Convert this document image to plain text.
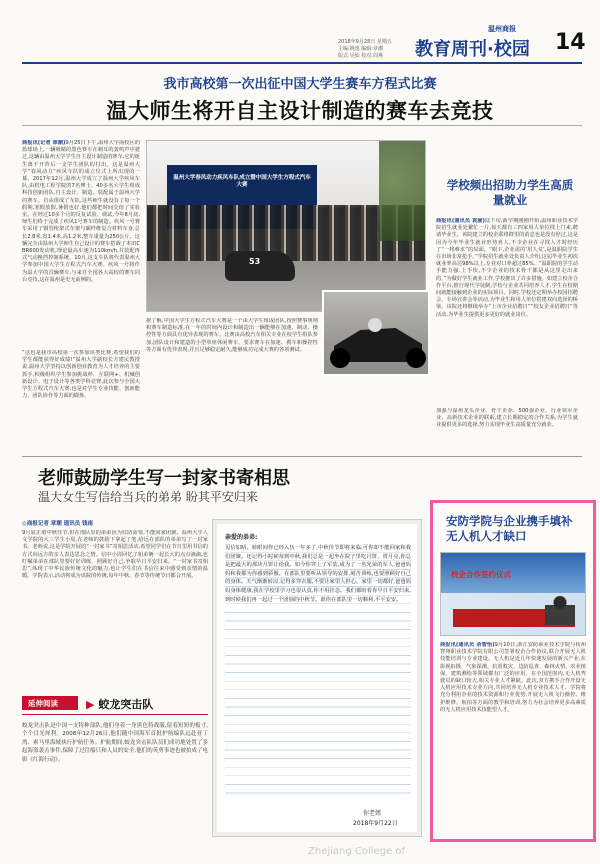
2018年9月28日 星期五
主编:姚逸 编辑:章潮
版式:吴仙 校对:周燕
温州商报
教育周刊·校园 14
我市高校第一次出征中国大学生赛车方程式比赛
温大师生将开自主设计制造的赛车去竞技
商报讯(记者 章潮)9月25日下午,温州大学南校区的篮球场上,一辆吸睛的黑色赛车在刺耳的轰鸣声中驶过,这辆由温州大学学生自主设计制造的赛车,它的诞生离不开背后一支学生团队的付出。这是温州大学“春风动力”疾风车队的成立仪式上所出现的一幕。2017年12月,温州大学成立了温州大学疾风车队,由机电工程学院的7名博士、40多名大学生组成科技创新团队,自主设计、制造、装配属于温州大学的赛车。自从组成了车队,这些师生就没有了每一个假期,寒假放假,暑假也好,他们都把时间交给了实验室。在经过10多个月的反复试验、调试,今年8月底,师生们终于完成了疾风1号赛车的制造。疾风一号赛车采用了钢管桁架式车架与碳纤维复合材料车身,总长2.8米,宽1.4米,高1.2米,整车重量为250公斤。这辆完全由温州大学师生自己设计的赛车搭载了本田CBR600发动机,理论最高车速为110km/h,并装配再式气动换挡控制系统。10月,这支车队将代表温州大学参加中国大学生方程式汽车大赛。疾风一号将作为温大学的首辆赛车,与来自全国各大高校的赛车同台竞技,这在温州是史无前例的。
“这也是我市高校第一次参加该类比赛,希望我们的学生都能获得好成绩!”温州大学副校长方建民教授说,温州大学坚持以创新创业教育为人才培养的主要抓手,积极组织学生参加挑战杯、互联网+、机械创新设计、电子设计等各类学科竞赛,此次参与全国大学生方程式汽车大赛,也是对学生专业技能、创新能力、团队协作等方面的锻炼。
温州大学春风动力疾风车队成立暨中国大学生方程式汽车大赛
53
据了解,中国大学生方程式汽车大赛是一个由大学生组成团队,按照赛事规则和赛车制造标准,在一年的时间内设计和制造出一辆能够在加速、制动、操控性等方面具有优异表现的赛车。比赛由高校汽车相关专业在校学生组队参加,团队设计和建造的小型单座休闲赛车。要求赛车在加速、刹车和操控性等方面有优异表现,并且足够稳定耐久,能够成功完成大赛的各项测试。
学校频出招助力学生高质量就业
商报讯(通讯员 袁渝)陆下旬,新学期刚刚开始,温州职业技术学院招生就业处繁忙一片,每天都有三四家用人单位找上门来,聘请毕业生。该院建立的校企联络群里的消息也是没有停过,这是因为今年毕业生就业形势喜人,不少企业在寻找人才时经历了“一将难求”的局面。“眼下,企业需的‘用人荒’,是温职院学生在市场非常抢手。”学院招生就业处负责人介绍,这届毕业生初次就业率高达98%以上,专业对口率超过85%。“温职院的学生动手能力强,上手快,不少企业的技术骨干都是从这里走出来的。”为做好学生就业工作,学校推出了许多措施。如建立校企合作平台,推行现代学徒制,学校与企业共同培养人才,学生在校期间就能接触到企业的实际项目。同时,学校还定期举办校园招聘会、专场宣讲会等活动,为毕业生和用人单位搭建双向选择的桥梁。该院还将继续举办“上市企业招聘日”“校友企业招聘日”等活动,为毕业生提供更多更好的就业岗位。
加强与温州龙头企业、骨干企业、500强企业、行业领军企业、高新技术企业的联系,建立长期稳定的合作关系,为学生就业提供更多的选择,努力实现毕业生高质量充分就业。
老师鼓励学生写一封家书寄相思
温大女生写信给当兵的弟弟 盼其平安归来
◎商报记者 章潮 通讯员 钱南
9月底正值中秋佳节,但在部队里的弟弟因为驻防需要,不能回家团聚。温州大学人文学院的大三学生小周,在老师的鼓励下拿起了笔,给远在部队的弟弟写了一封家书。老师说,这是学院开展的“一封家书”寄相思活动,希望同学们在节日里用书信的方式向远方的亲人表达思念之情。信中小周回忆了姐弟俩一起长大的点点滴滴,也叮嘱弟弟在部队里要好好训练、照顾好自己,争取早日平安归来。“一封家书寄相思”,体现了中华民族传统文化的魅力,也让学生们在书信往来中感受到亲情的温暖。学院表示,活动将成为该院的传统,每年中秋、春节等传统节日都会开展。
亲爱的弟弟:
见信如晤。转眼间你已经入伍一年多了,中秋佳节即将来临,可你却不能回家和我们团聚。还记得小时候每到中秋,我们总是一起坐在院子里吃月饼、赏月亮,你总是把最大的那块月饼让给我。如今你穿上了军装,成为了一名光荣的军人,爸爸妈妈和我都为你感到骄傲。在部队里要听从领导的安排,刻苦训练,也要照顾好自己的身体。天气渐渐转凉,记得多穿衣服,不要让家里人担心。家里一切都好,爸爸妈妈身体健康,我在学校里学习也很认真,你不用挂念。我们都盼着你早日平安归来,到时候我们再一起过一个团圆的中秋节。愿你在部队里一切顺利,平平安安。
你老姐
2018年9月22日
延伸阅读	▶ 蛟龙突击队
蛟龙突击队是中国一支特种部队,他们身着一身黑色特战服,留着短短的板寸,个个目光犀利。2008年12月26日,他们随中国海军首批护航编队远赴亚丁湾、索马里海域执行护航任务。护航期间,蛟龙突击队队员们成功地处置了多起海盗袭击事件,保障了过往船只和人员的安全,他们的英勇事迹也被拍成了电影《红海行动》。
安防学院与企业携手填补无人机人才缺口
校企合作签约仪式
商报讯(通讯员 余智怡)9月10日,浙江安防职业技术学院与杭州智翔职业技术学院有限公司签署校企合作协议,联合开展无人机技能培训与专业建设。无人机是近几年快速发展的新兴产业,在影视拍摄、气象探测、抗震救灾、边防巡查、森林火情、农业植保、建筑测绘等领域都有广泛的应用。在全国范围内,无人机驾驶员的缺口较大,相关专业人才紧缺。此次,双方携手合作开设无人机应用技术专业方向,共同培养无人机专业技术人才。学院将充分利用企业的技术资源和行业优势,开展无人机飞行操控、维护维修、航拍等方面的教学和培训,努力为社会培养更多高素质的无人机应用技术技能型人才。
Zhejiang College of
